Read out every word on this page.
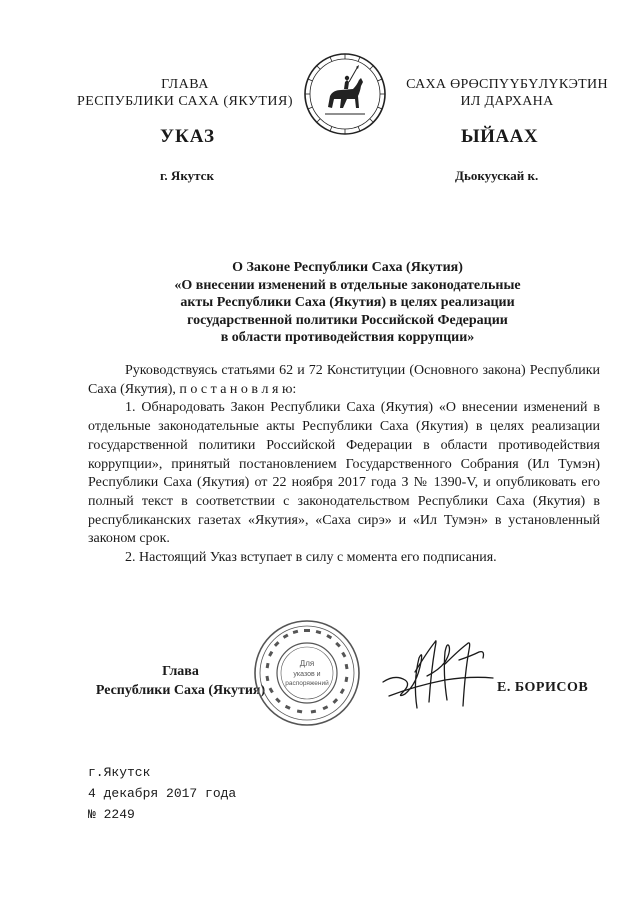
ГЛАВА
РЕСПУБЛИКИ САХА (ЯКУТИЯ)
САХА ӨРӨСПҮҮБҮЛҮКЭТИН
ИЛ ДАРХАНА
УКАЗ	ЫЙААХ
г. Якутск	Дьокуускай к.
О Законе Республики Саха (Якутия)
«О внесении изменений в отдельные законодательные
акты Республики Саха (Якутия) в целях реализации
государственной политики Российской Федерации
в области противодействия коррупции»

Руководствуясь статьями 62 и 72 Конституции (Основного закона) Республики Саха (Якутия), п о с т а н о в л я ю:

1. Обнародовать Закон Республики Саха (Якутия) «О внесении изменений в отдельные законодательные акты Республики Саха (Якутия) в целях реализации государственной политики Российской Федерации в области противодействия коррупции», принятый постановлением Государственного Собрания (Ил Тумэн) Республики Саха (Якутия) от 22 ноября 2017 года З № 1390-V, и опубликовать его полный текст в соответствии с законодательством Республики Саха (Якутия) в республиканских газетах «Якутия», «Саха сирэ» и «Ил Тумэн» в установленный законом срок.

2. Настоящий Указ вступает в силу с момента его подписания.

Глава
Республики Саха (Якутия)
Для
указов и
распоряжений	Е. БОРИСОВ
г.Якутск
4 декабря 2017 года
№ 2249
